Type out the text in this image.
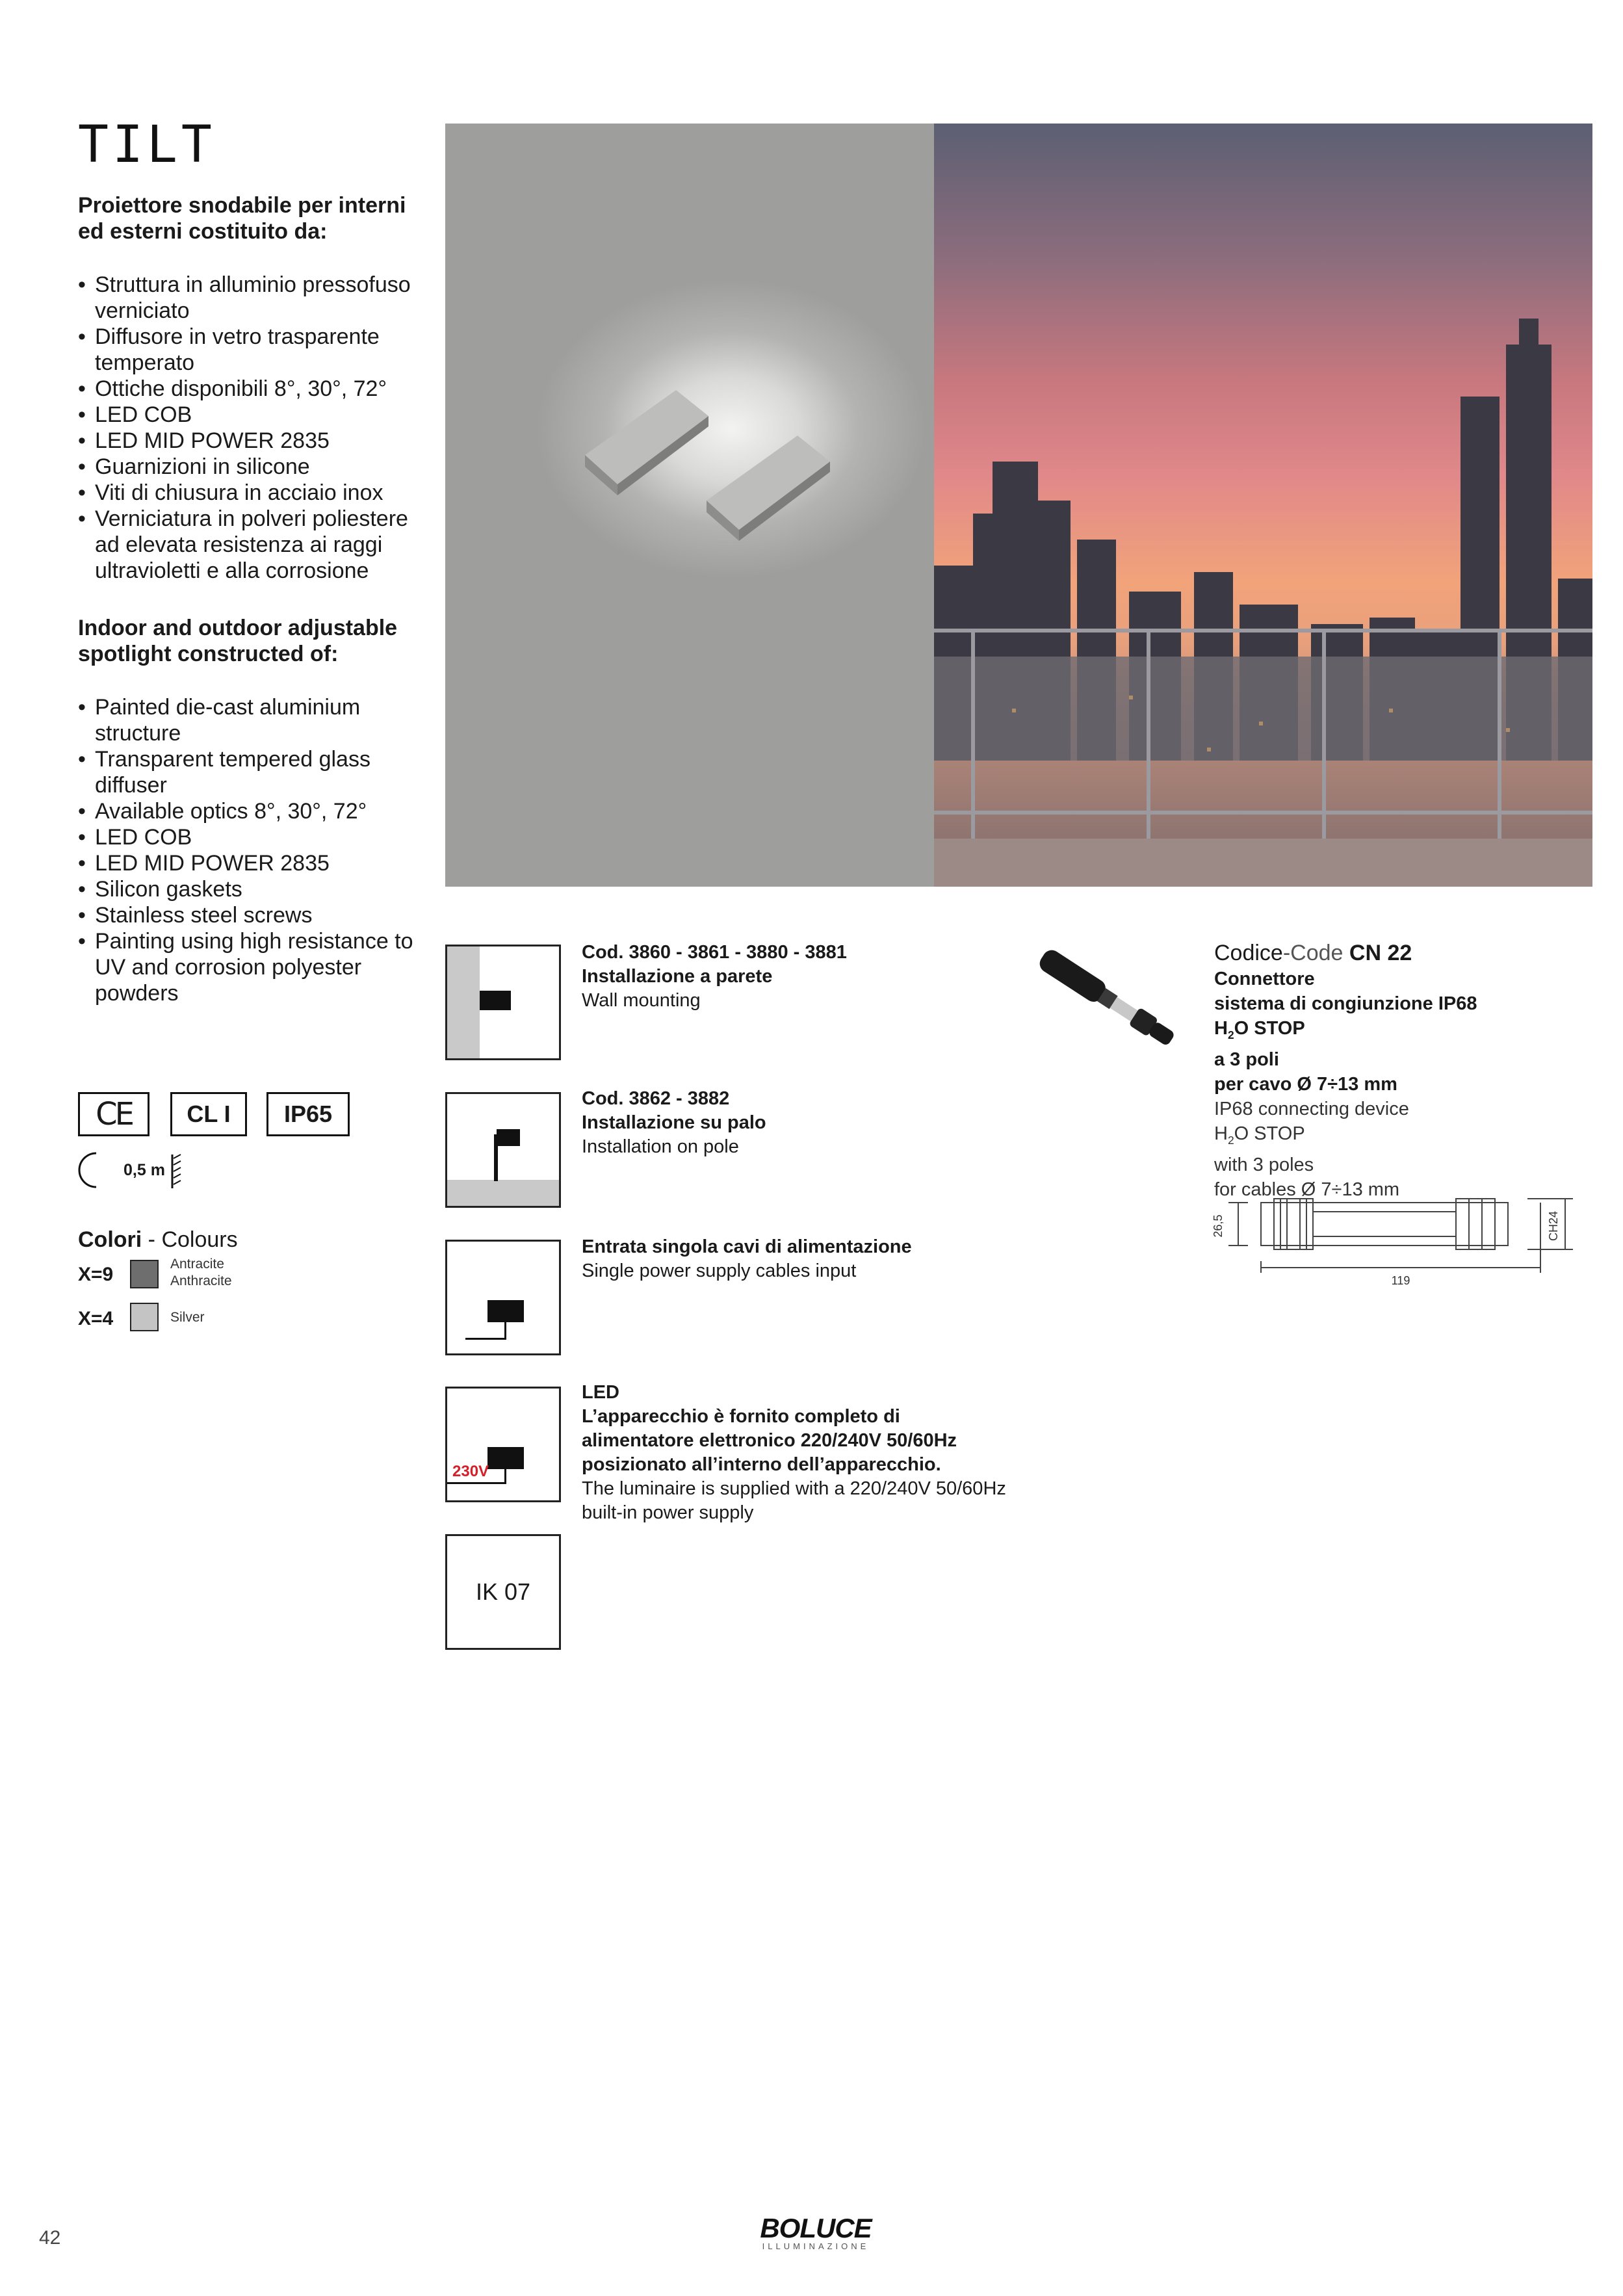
TILT
Proiettore snodabile per interni ed esterni costituito da:
• Struttura in alluminio pressofuso verniciato
• Diffusore in vetro trasparente temperato
• Ottiche disponibili 8°, 30°, 72°
• LED COB
• LED MID POWER 2835
• Guarnizioni in silicone
• Viti di chiusura in acciaio inox
• Verniciatura in polveri poliestere ad elevata resistenza ai raggi ultravioletti e alla corrosione
Indoor and outdoor adjustable spotlight constructed of:
• Painted die-cast aluminium structure
• Transparent tempered glass diffuser
• Available optics 8°, 30°, 72°
• LED COB
• LED MID POWER 2835
• Silicon gaskets
• Stainless steel screws
• Painting using high resistance to UV and corrosion polyester powders
CE	CL I	IP65
0,5 m
Colori - Colours
X=9	Antracite
Anthracite
X=4	Silver
230V
IK 07
Cod. 3860 - 3861 - 3880 - 3881
Installazione a parete
Wall mounting
Cod. 3862 - 3882
Installazione su palo
Installation on pole
Entrata singola cavi di alimentazione
Single power supply cables input
LED
L’apparecchio è fornito completo di alimentatore elettronico 220/240V 50/60Hz posizionato all’interno dell’apparecchio.
The luminaire is supplied with a 220/240V 50/60Hz built-in power supply
Codice-Code CN 22
Connettore
sistema di congiunzione IP68
$H_2O$ STOP
a 3 poli
per cavo Ø 7÷13 mm
IP68 connecting device
$H_2O$ STOP
with 3 poles
for cables Ø 7÷13 mm
26,5
119
CH24
42	BOLUCE
ILLUMINAZIONE
